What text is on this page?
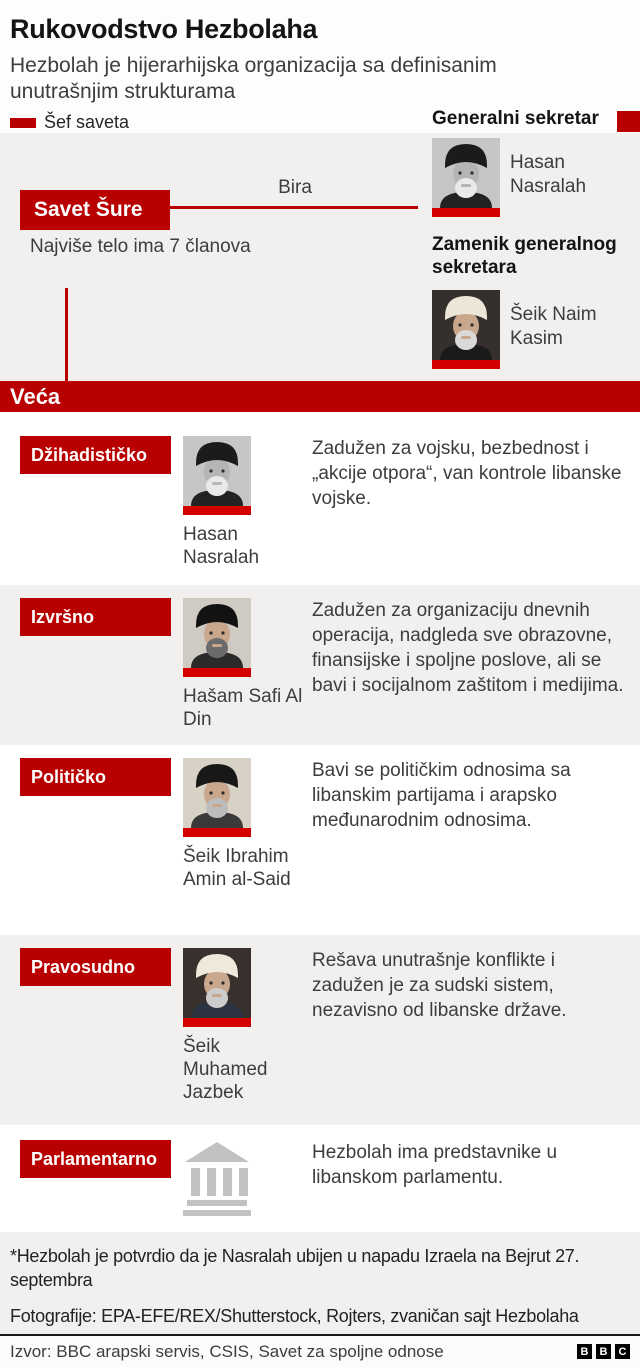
Rukovodstvo Hezbolaha

Hezbolah je hijerarhijska organizacija sa definisanim unutrašnjim strukturama

Šef saveta	Generalni sekretar
Hasan Nasralah
Savet Šure
Bira
Najviše telo ima 7 članova	Zamenik generalnog sekretara
Šeik Naim Kasim
Veća
Džihadističko
Hasan Nasralah
Zadužen za vojsku, bezbednost i „akcije otpora“, van kontrole libanske vojske.
Izvršno
Hašam Safi Al Din
Zadužen za organizaciju dnevnih operacija, nadgleda sve obrazovne, finansijske i spoljne poslove, ali se bavi i socijalnom zaštitom i medijima.
Političko
Šeik Ibrahim Amin al-Said
Bavi se političkim odnosima sa libanskim partijama i arapsko međunarodnim odnosima.
Pravosudno
Šeik Muhamed Jazbek
Rešava unutrašnje konflikte i zadužen je za sudski sistem, nezavisno od libanske države.
Parlamentarno	Hezbolah ima predstavnike u libanskom parlamentu.

*Hezbolah je potvrdio da je Nasralah ubijen u napadu Izraela na Bejrut 27. septembra

Fotografije: EPA-EFE/REX/Shutterstock, Rojters, zvaničan sajt Hezbolaha

Izvor: BBC arapski servis, CSIS, Savet za spoljne odnose	B	B	C
